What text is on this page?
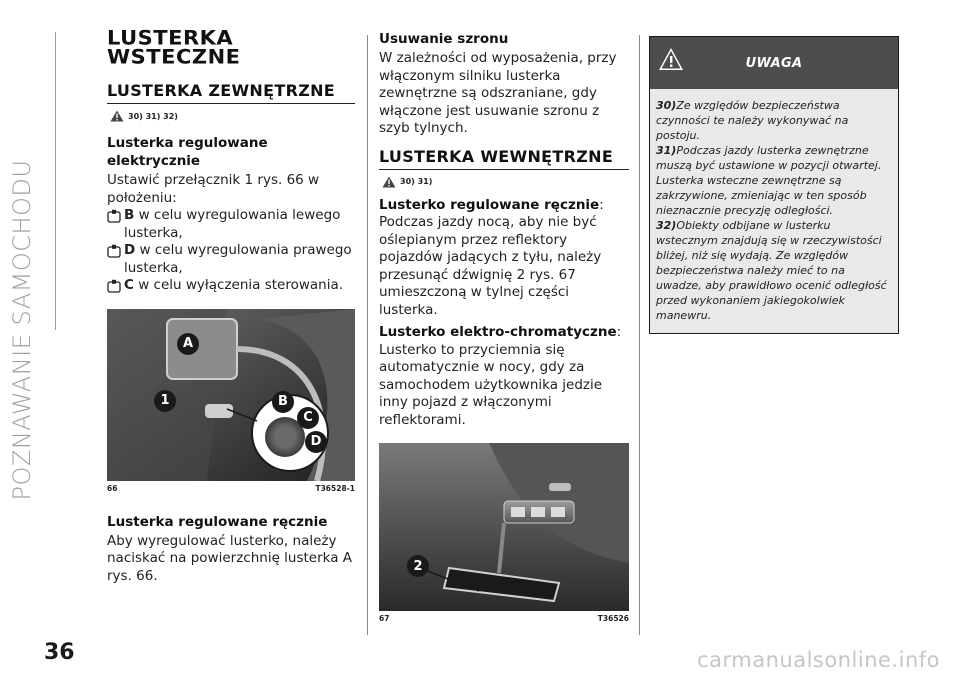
POZNAWANIE SAMOCHODU
LUSTERKA
WSTECZNE
LUSTERKA ZEWNĘTRZNE
30) 31) 32)
Lusterka regulowane elektrycznie
Ustawić przełącznik 1 rys. 66 w położeniu:
B w celu wyregulowania lewego lusterka,
D w celu wyregulowania prawego lusterka,
C w celu wyłączenia sterowania.
A
1	B
C
D
66	T36528-1
Lusterka regulowane ręcznie
Aby wyregulować lusterko, należy naciskać na powierzchnię lusterka A rys. 66.
Usuwanie szronu
W zależności od wyposażenia, przy włączonym silniku lusterka zewnętrzne są odszraniane, gdy włączone jest usuwanie szronu z szyb tylnych.
LUSTERKA WEWNĘTRZNE
30) 31)
Lusterko regulowane ręcznie: Podczas jazdy nocą, aby nie być oślepianym przez reflektory pojazdów jadących z tyłu, należy przesunąć dźwignię 2 rys. 67 umieszczoną w tylnej części lusterka.
Lusterko elektro-chromatyczne: Lusterko to przyciemnia się automatycznie w nocy, gdy za samochodem użytkownika jedzie inny pojazd z włączonymi reflektorami.
2
67	T36526
UWAGA
30)Ze względów bezpieczeństwa czynności te należy wykonywać na postoju.
31)Podczas jazdy lusterka zewnętrzne muszą być ustawione w pozycji otwartej. Lusterka wsteczne zewnętrzne są zakrzywione, zmieniając w ten sposób nieznacznie precyzję odległości.
32)Obiekty odbijane w lusterku wstecznym znajdują się w rzeczywistości bliżej, niż się wydają. Ze względów bezpieczeństwa należy mieć to na uwadze, aby prawidłowo ocenić odległość przed wykonaniem jakiegokolwiek manewru.
36	carmanualsonline.info
